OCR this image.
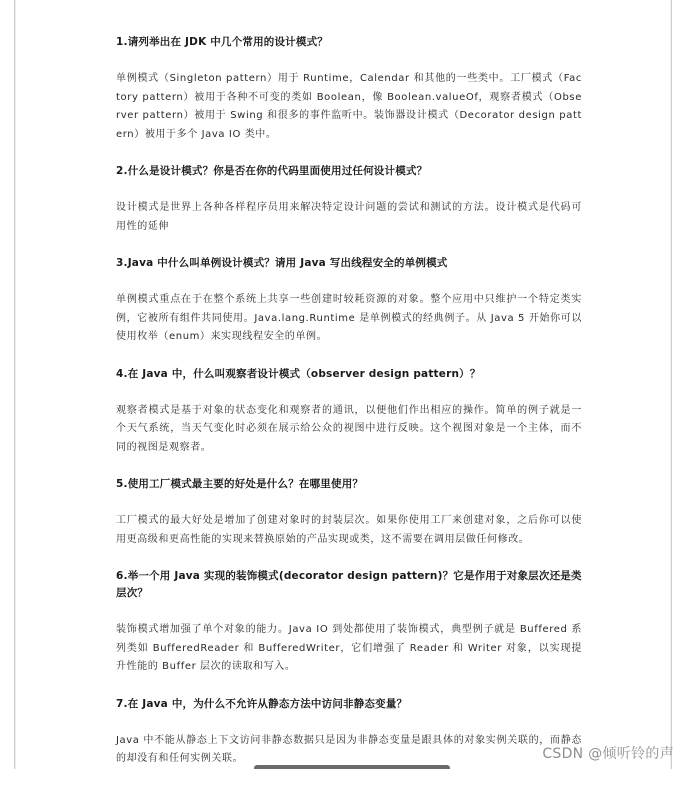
1.请列举出在 JDK 中几个常用的设计模式？
单例模式（Singleton pattern）用于 Runtime，Calendar 和其他的一些类中。工厂模式（Factory pattern）被用于各种不可变的类如 Boolean，像 Boolean.valueOf，观察者模式（Observer pattern）被用于 Swing 和很多的事件监听中。装饰器设计模式（Decorator design pattern）被用于多个 Java IO 类中。
2.什么是设计模式？你是否在你的代码里面使用过任何设计模式？
设计模式是世界上各种各样程序员用来解决特定设计问题的尝试和测试的方法。设计模式是代码可用性的延伸
3.Java 中什么叫单例设计模式？请用 Java 写出线程安全的单例模式
单例模式重点在于在整个系统上共享一些创建时较耗资源的对象。整个应用中只维护一个特定类实例，它被所有组件共同使用。Java.lang.Runtime 是单例模式的经典例子。从 Java 5 开始你可以使用枚举（enum）来实现线程安全的单例。
4.在 Java 中，什么叫观察者设计模式（observer design pattern）？
观察者模式是基于对象的状态变化和观察者的通讯，以便他们作出相应的操作。简单的例子就是一个天气系统，当天气变化时必须在展示给公众的视图中进行反映。这个视图对象是一个主体，而不同的视图是观察者。
5.使用工厂模式最主要的好处是什么？在哪里使用？
工厂模式的最大好处是增加了创建对象时的封装层次。如果你使用工厂来创建对象，之后你可以使用更高级和更高性能的实现来替换原始的产品实现或类，这不需要在调用层做任何修改。
6.举一个用 Java 实现的装饰模式(decorator design pattern)？它是作用于对象层次还是类层次？
装饰模式增加强了单个对象的能力。Java IO 到处都使用了装饰模式，典型例子就是 Buffered 系列类如 BufferedReader 和 BufferedWriter，它们增强了 Reader 和 Writer 对象，以实现提升性能的 Buffer 层次的读取和写入。
7.在 Java 中，为什么不允许从静态方法中访问非静态变量？
Java 中不能从静态上下文访问非静态数据只是因为非静态变量是跟具体的对象实例关联的，而静态的却没有和任何实例关联。	CSDN @倾听铃的声
